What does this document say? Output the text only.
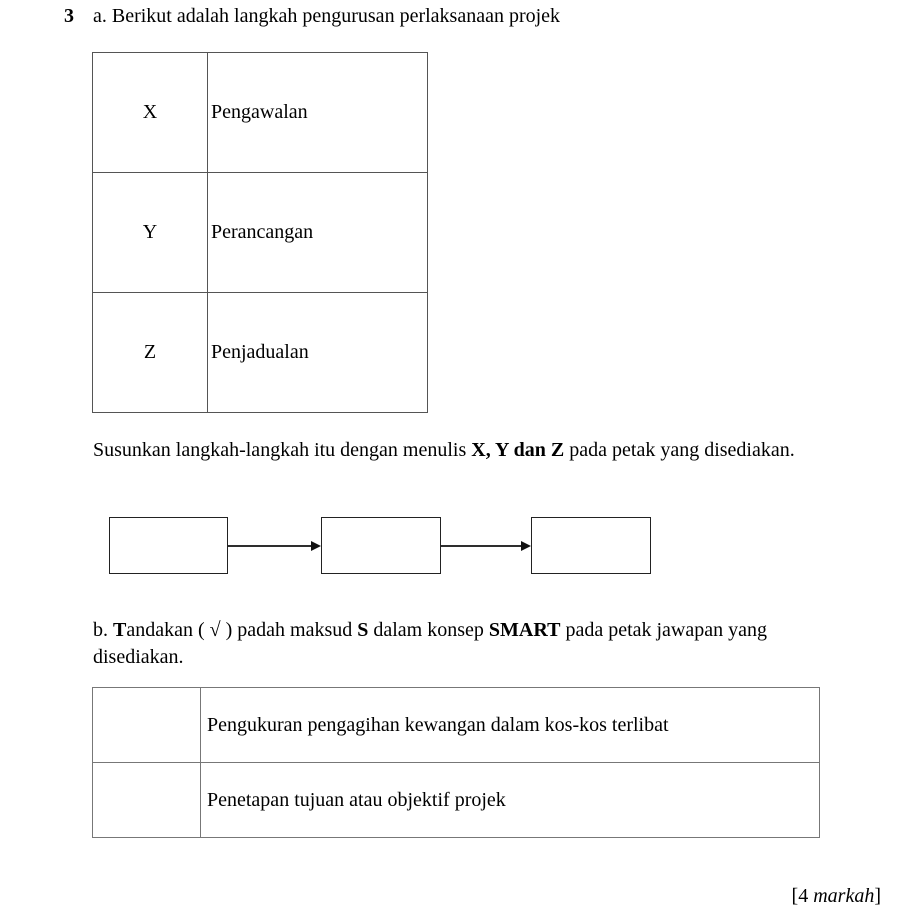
3 a. Berikut adalah langkah pengurusan perlaksanaan projek
X	Pengawalan
Y	Perancangan
Z	Penjadualan

Susunkan langkah-langkah itu dengan menulis X, Y dan Z pada petak yang disediakan.

b. Tandakan ( √ ) padah maksud S dalam konsep SMART pada petak jawapan yang disediakan.

	Pengukuran pengagihan kewangan dalam kos-kos terlibat
	Penetapan tujuan atau objektif projek
[4 markah]
